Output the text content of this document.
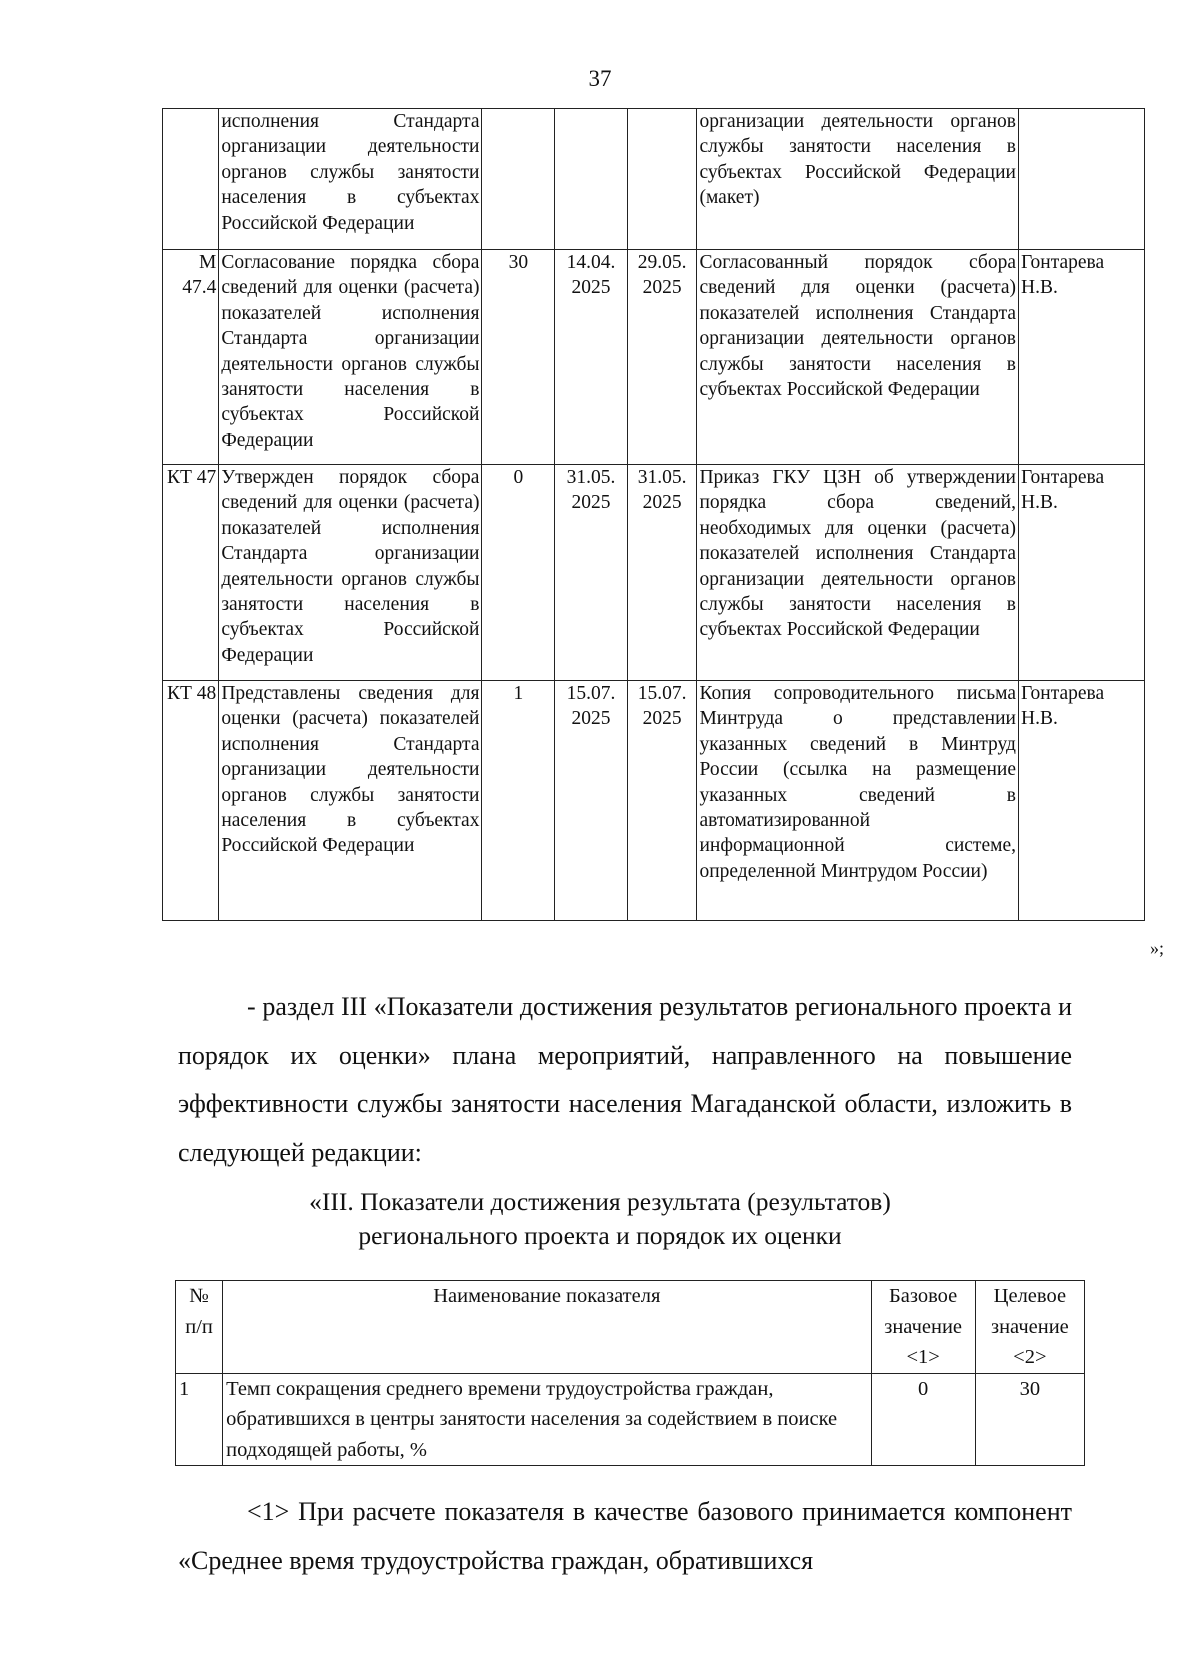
37
	исполнения Стандарта организации деятельности органов службы занятости населения в субъектах Российской Федерации				организации деятельности органов службы занятости населения в субъектах Российской Федерации (макет)	
М 47.4	Согласование порядка сбора сведений для оценки (расчета) показателей исполнения Стандарта организации деятельности органов службы занятости населения в субъектах Российской Федерации	30	14.04. 2025	29.05. 2025	Согласованный порядок сбора сведений для оценки (расчета) показателей исполнения Стандарта организации деятельности органов службы занятости населения в субъектах Российской Федерации	Гонтарева Н.В.
КТ 47	Утвержден порядок сбора сведений для оценки (расчета) показателей исполнения Стандарта организации деятельности органов службы занятости населения в субъектах Российской Федерации	0	31.05. 2025	31.05. 2025	Приказ ГКУ ЦЗН об утверждении порядка сбора сведений, необходимых для оценки (расчета) показателей исполнения Стандарта организации деятельности органов службы занятости населения в субъектах Российской Федерации	Гонтарева Н.В.
КТ 48	Представлены сведения для оценки (расчета) показателей исполнения Стандарта организации деятельности органов службы занятости населения в субъектах Российской Федерации	1	15.07. 2025	15.07. 2025	Копия сопроводительного письма Минтруда о представлении указанных сведений в Минтруд России (ссылка на размещение указанных сведений в автоматизированной информационной системе, определенной Минтрудом России)	Гонтарева Н.В.
»;

- раздел III «Показатели достижения результатов регионального проекта и порядок их оценки» плана мероприятий, направленного на повышение эффективности службы занятости населения Магаданской области, изложить в следующей редакции:

«III. Показатели достижения результата (результатов)
регионального проекта и порядок их оценки
№ п/п	Наименование показателя	Базовое значение <1>	Целевое значение <2>
1	Темп сокращения среднего времени трудоустройства граждан, обратившихся в центры занятости населения за содействием в поиске подходящей работы, %	0	30

<1> При расчете показателя в качестве базового принимается компонент «Среднее время трудоустройства граждан, обратившихся
